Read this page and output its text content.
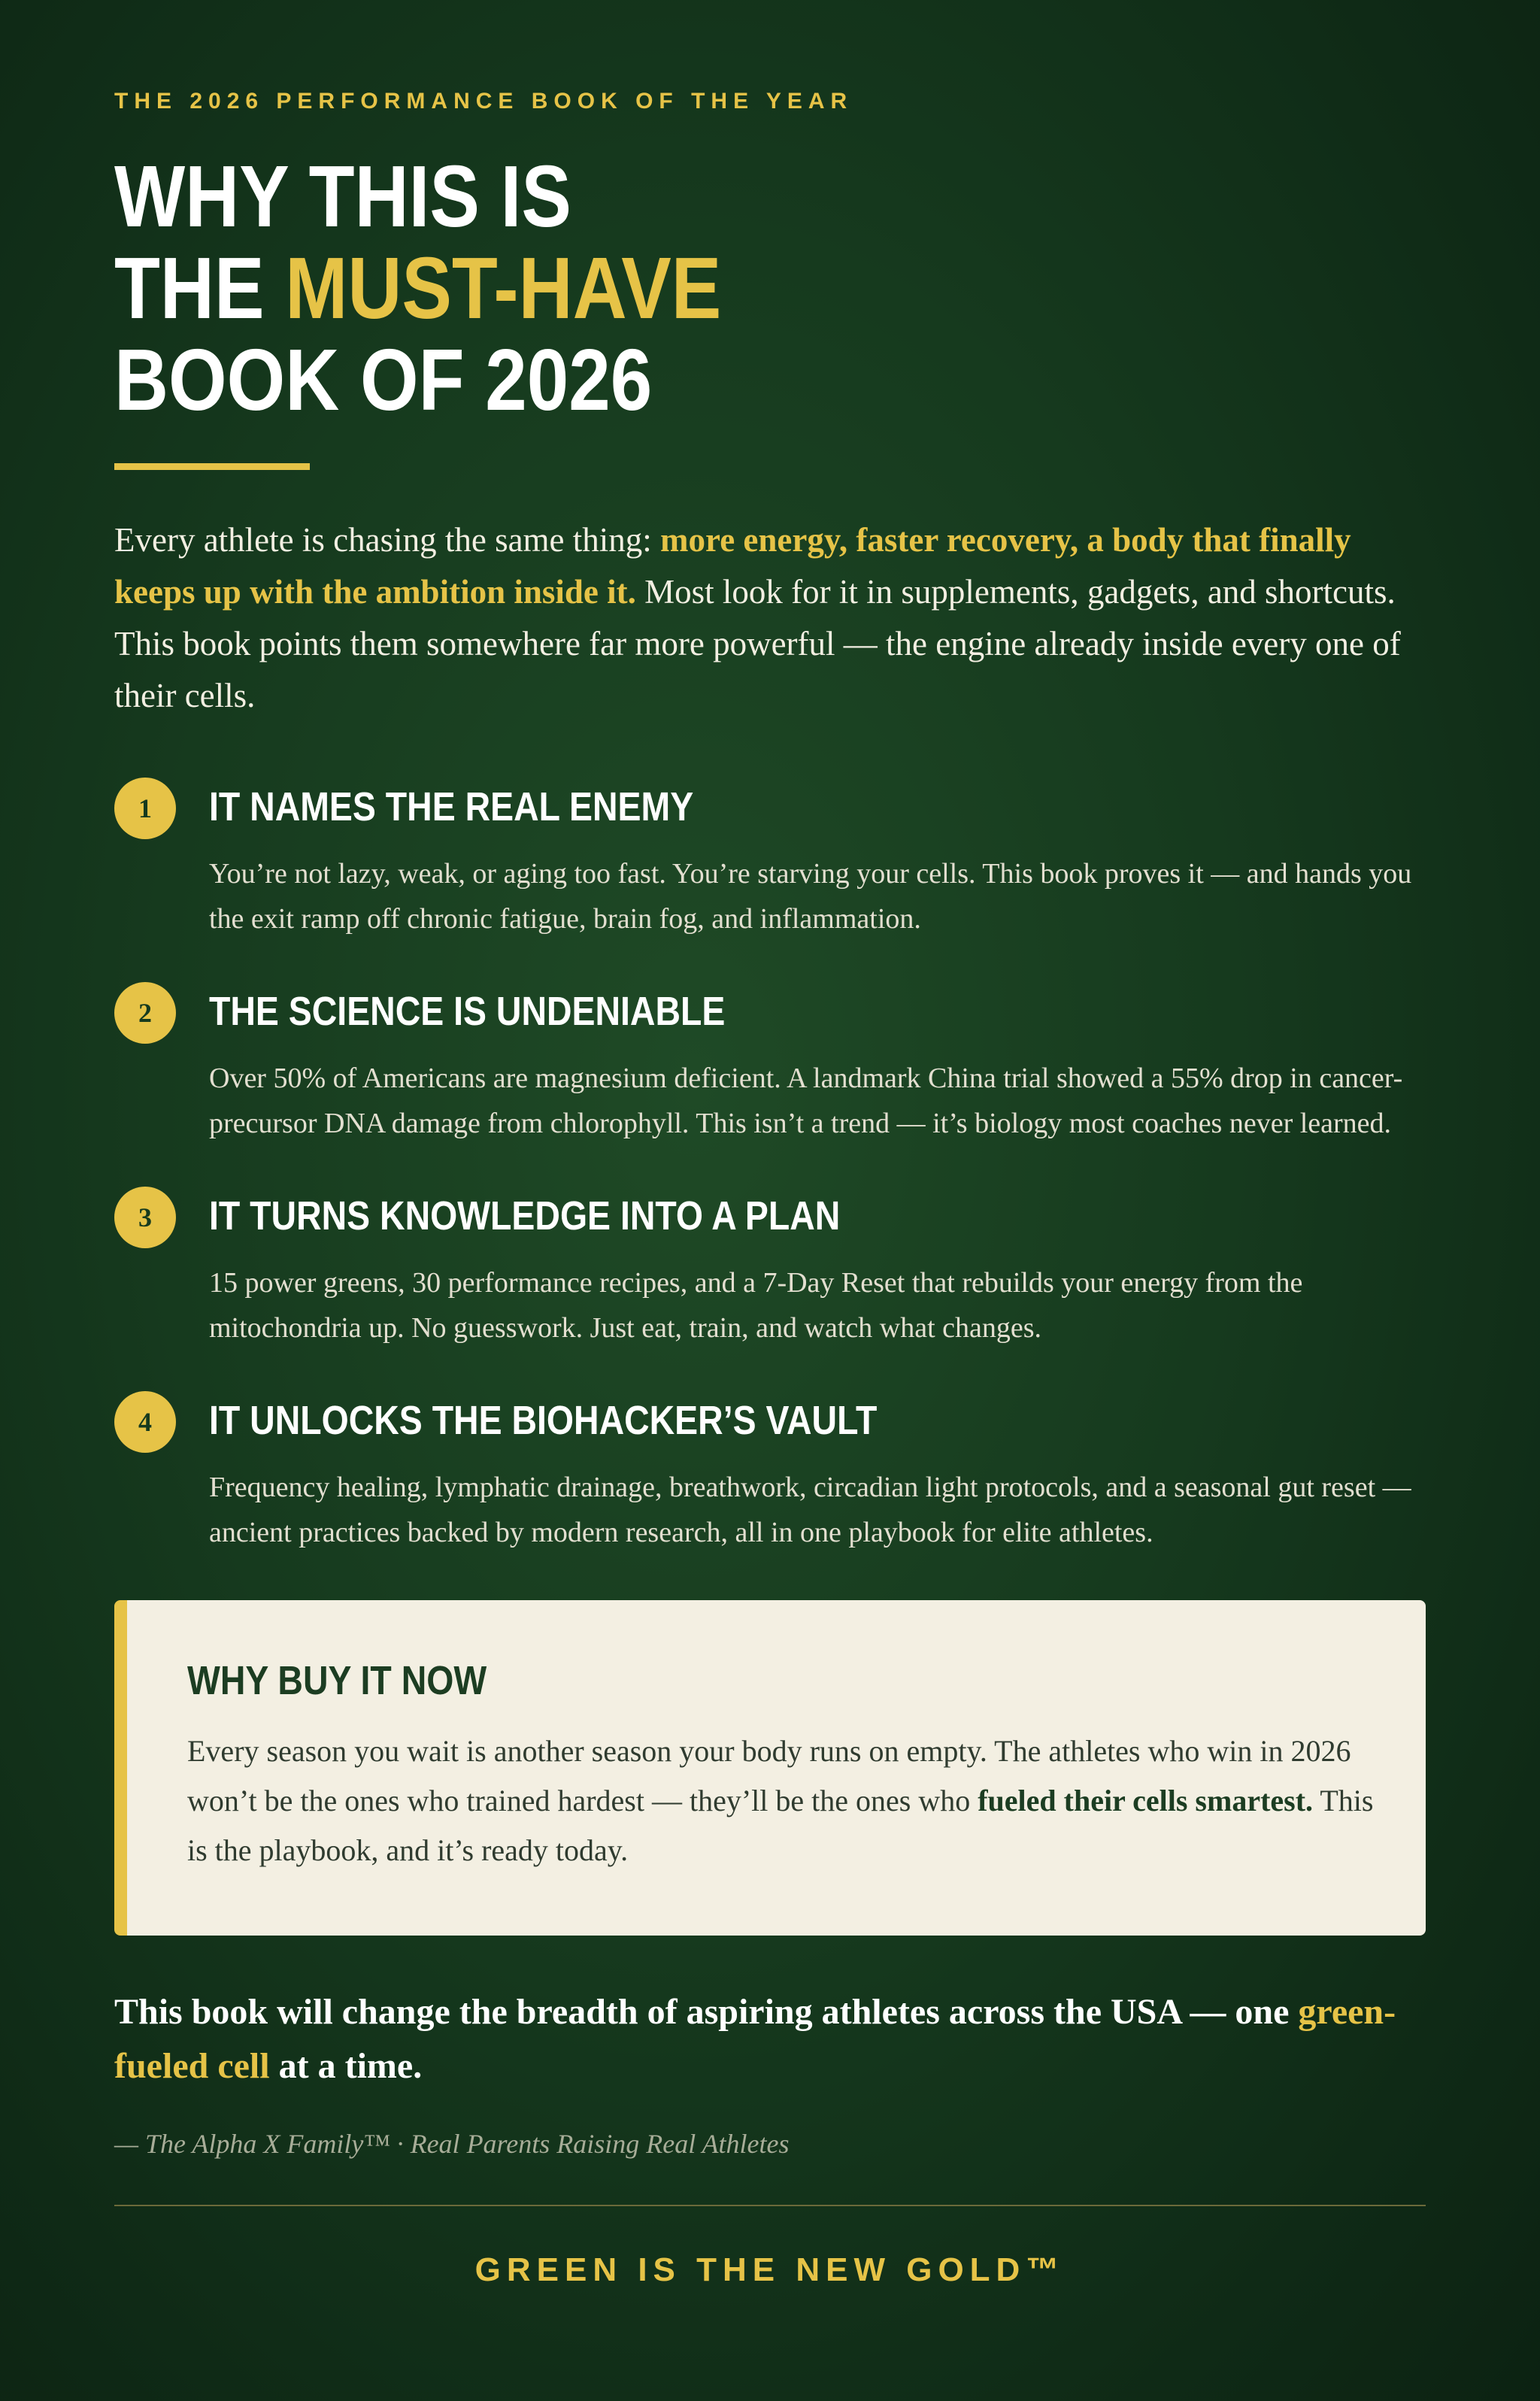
THE 2026 PERFORMANCE BOOK OF THE YEAR
WHY THIS IS
THE MUST-HAVE
BOOK OF 2026

Every athlete is chasing the same thing: more energy, faster recovery, a body that finally keeps up with the ambition inside it. Most look for it in supplements, gadgets, and shortcuts. This book points them somewhere far more powerful — the engine already inside every one of their cells.

1	IT NAMES THE REAL ENEMY

You’re not lazy, weak, or aging too fast. You’re starving your cells. This book proves it — and hands you the exit ramp off chronic fatigue, brain fog, and inflammation.

2	THE SCIENCE IS UNDENIABLE

Over 50% of Americans are magnesium deficient. A landmark China trial showed a 55% drop in cancer-precursor DNA damage from chlorophyll. This isn’t a trend — it’s biology most coaches never learned.

3	IT TURNS KNOWLEDGE INTO A PLAN

15 power greens, 30 performance recipes, and a 7-Day Reset that rebuilds your energy from the mitochondria up. No guesswork. Just eat, train, and watch what changes.

4	IT UNLOCKS THE BIOHACKER’S VAULT

Frequency healing, lymphatic drainage, breathwork, circadian light protocols, and a seasonal gut reset — ancient practices backed by modern research, all in one playbook for elite athletes.

WHY BUY IT NOW

Every season you wait is another season your body runs on empty. The athletes who win in 2026 won’t be the ones who trained hardest — they’ll be the ones who fueled their cells smartest. This is the playbook, and it’s ready today.

This book will change the breadth of aspiring athletes across the USA — one green-fueled cell at a time.

— The Alpha X Family™ · Real Parents Raising Real Athletes

GREEN IS THE NEW GOLD™
